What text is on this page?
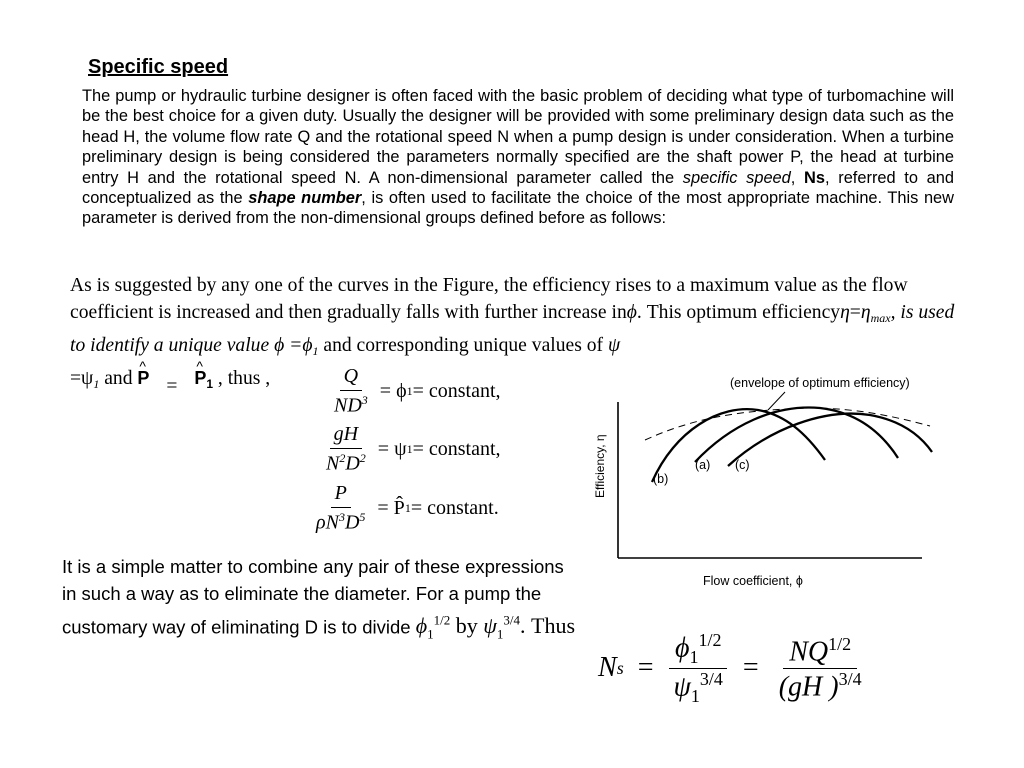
Specific speed
The pump or hydraulic turbine designer is often faced with the basic problem of deciding what type of turbomachine will be the best choice for a given duty. Usually the designer will be provided with some preliminary design data such as the head H, the volume flow rate Q and the rotational speed N when a pump design is under consideration. When a turbine preliminary design is being considered the parameters normally specified are the shaft power P, the head at turbine entry H and the rotational speed N. A non-dimensional parameter called the specific speed, Ns, referred to and conceptualized as the shape number, is often used to facilitate the choice of the most appropriate machine. This new parameter is derived from the non-dimensional groups defined before as follows:
As is suggested by any one of the curves in the Figure, the efficiency rises to a maximum value as the flow coefficient is increased and then gradually falls with further increase inϕ. This optimum $efficiency\eta=\eta_{max}$, is used to identify a unique value $\phi =\phi_1$ and corresponding unique values of ψ
$=\psi_1$ and ^ P = ^ $P_1$ , thus ,	$\frac{Q}{ND^3} = \phi$ 1 = constant,
$\frac{gH}{N^2D^2} = \psi$ 1 = constant,
$\frac{P}{\rho N^3D^5}$ = P̂ 1 = constant.
(envelope of optimum efficiency)
Efficiency, η
Flow coefficient, ϕ
(a)
(b)
(c)
It is a simple matter to combine any pair of these expressions in such a way as to eliminate the diameter. For a pump the customary way of eliminating D is to divide $\phi_1^{1/2}$ by $\psi_1^{3/4}$. Thus
N $s = \frac{\phi_1^{1/2}}{\psi_1^{3/4}} = \frac{NQ^{1/2}}{(gH )^{3/4}}$
